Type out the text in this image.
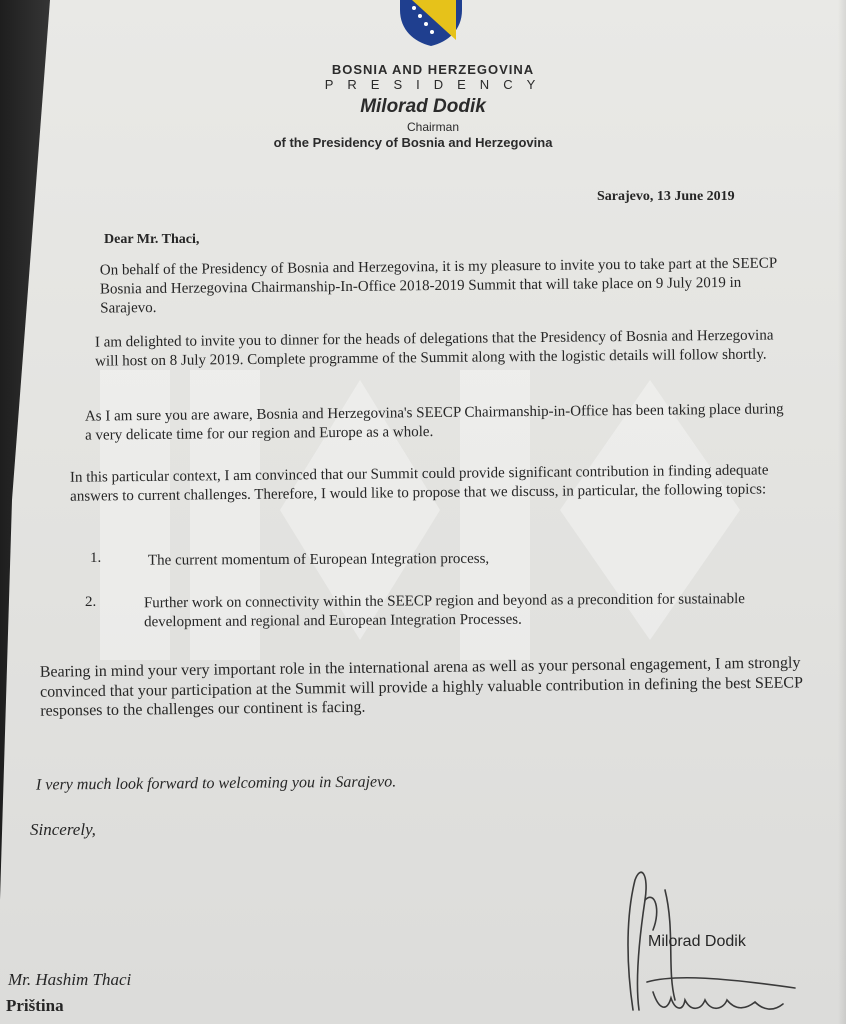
BOSNIA AND HERZEGOVINA
PRESIDENCY
Milorad Dodik
Chairman
of the Presidency of Bosnia and Herzegovina
Sarajevo, 13 June 2019
Dear Mr. Thaci,
On behalf of the Presidency of Bosnia and Herzegovina, it is my pleasure to invite you to take part at the SEECP Bosnia and Herzegovina Chairmanship-In-Office 2018-2019 Summit that will take place on 9 July 2019 in Sarajevo.
I am delighted to invite you to dinner for the heads of delegations that the Presidency of Bosnia and Herzegovina will host on 8 July 2019. Complete programme of the Summit along with the logistic details will follow shortly.
As I am sure you are aware, Bosnia and Herzegovina's SEECP Chairmanship-in-Office has been taking place during a very delicate time for our region and Europe as a whole.
In this particular context, I am convinced that our Summit could provide significant contribution in finding adequate answers to current challenges. Therefore, I would like to propose that we discuss, in particular, the following topics:
1.	The current momentum of European Integration process,
2.	Further work on connectivity within the SEECP region and beyond as a precondition for sustainable development and regional and European Integration Processes.
Bearing in mind your very important role in the international arena as well as your personal engagement, I am strongly convinced that your participation at the Summit will provide a highly valuable contribution in defining the best SEECP responses to the challenges our continent is facing.
I very much look forward to welcoming you in Sarajevo.
Sincerely,
Milorad Dodik
Mr. Hashim Thaci
Priština
